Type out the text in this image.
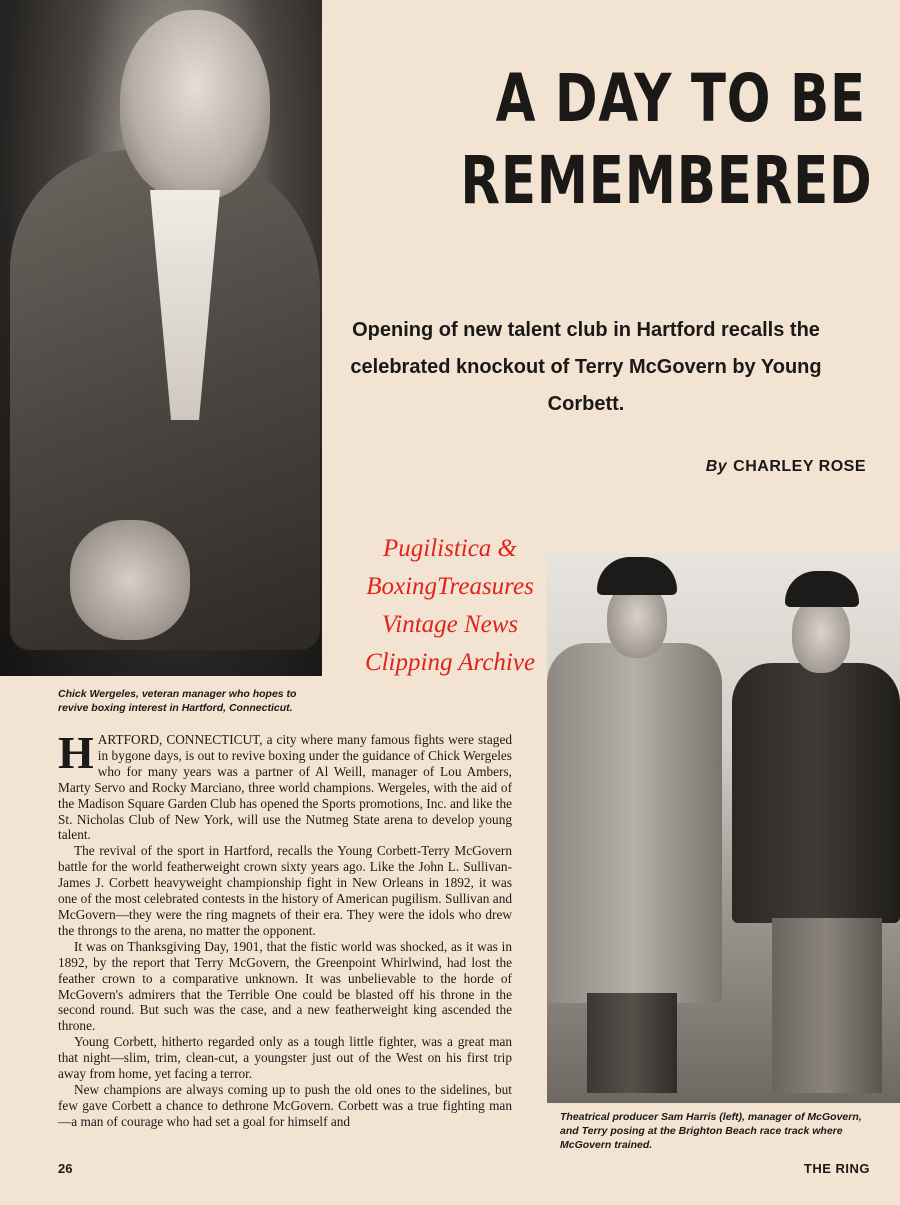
A DAY TO BE
REMEMBERED
Opening of new talent club in Hartford recalls the
celebrated knockout of Terry McGovern by Young
Corbett.
By CHARLEY ROSE
Pugilistica &
BoxingTreasures
Vintage News
Clipping Archive
Chick Wergeles, veteran manager who hopes to revive boxing interest in Hartford, Connecticut.
Theatrical producer Sam Harris (left), manager of McGovern, and Terry posing at the Brighton Beach race track where McGovern trained.

HARTFORD, CONNECTICUT, a city where many famous fights were staged in bygone days, is out to revive boxing under the guidance of Chick Wergeles who for many years was a partner of Al Weill, manager of Lou Ambers, Marty Servo and Rocky Marciano, three world champions. Wergeles, with the aid of the Madison Square Garden Club has opened the Sports promotions, Inc. and like the St. Nicholas Club of New York, will use the Nutmeg State arena to develop young talent.

The revival of the sport in Hartford, recalls the Young Corbett-Terry McGovern battle for the world featherweight crown sixty years ago. Like the John L. Sullivan-James J. Corbett heavyweight championship fight in New Orleans in 1892, it was one of the most celebrated contests in the history of American pugilism. Sullivan and McGovern—they were the ring magnets of their era. They were the idols who drew the throngs to the arena, no matter the opponent.

It was on Thanksgiving Day, 1901, that the fistic world was shocked, as it was in 1892, by the report that Terry McGovern, the Greenpoint Whirlwind, had lost the feather crown to a comparative unknown. It was unbelievable to the horde of McGovern's admirers that the Terrible One could be blasted off his throne in the second round. But such was the case, and a new featherweight king ascended the throne.

Young Corbett, hitherto regarded only as a tough little fighter, was a great man that night—slim, trim, clean-cut, a youngster just out of the West on his first trip away from home, yet facing a terror.

New champions are always coming up to push the old ones to the sidelines, but few gave Corbett a chance to dethrone McGovern. Corbett was a true fighting man—a man of courage who had set a goal for himself and

26	THE RING
